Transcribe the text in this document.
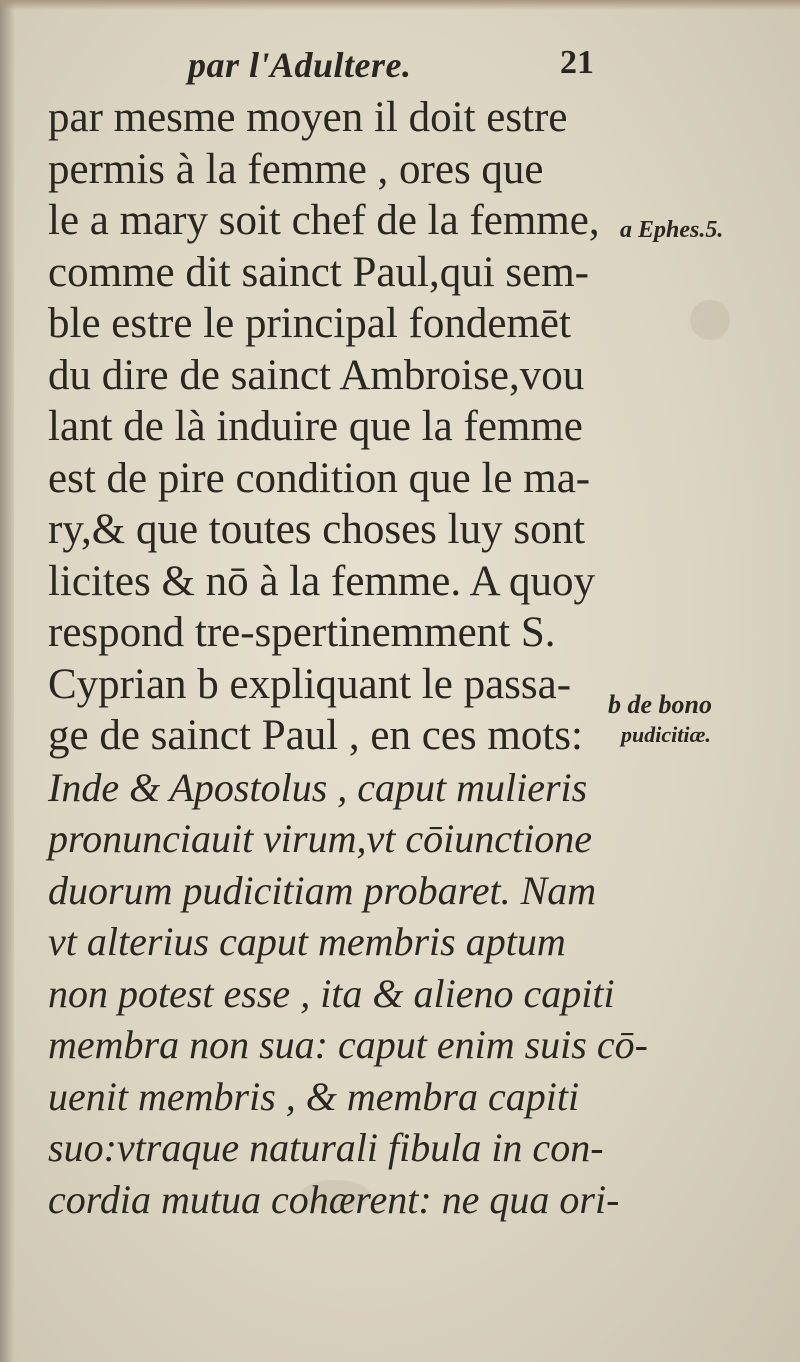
par l'Adultere.	21
par mesme moyen il doit estre
permis à la femme , ores que
le a mary soit chef de la femme,
comme dit sainct Paul,qui sem-
ble estre le principal fondemēt
du dire de sainct Ambroise,vou
lant de là induire que la femme
est de pire condition que le ma-
ry,& que toutes choses luy sont
licites & nō à la femme. A quoy
respond tre-spertinemment S.
Cyprian b expliquant le passa-
ge de sainct Paul , en ces mots:
Inde & Apostolus , caput mulieris
pronunciauit virum,vt cōiunctione
duorum pudicitiam probaret. Nam
vt alterius caput membris aptum
non potest esse , ita & alieno capiti
membra non sua: caput enim suis cō-
uenit membris , & membra capiti
suo:vtraque naturali fibula in con-
cordia mutua cohærent: ne qua ori-
a Ephes.5.
b de bono
pudicitiæ.
